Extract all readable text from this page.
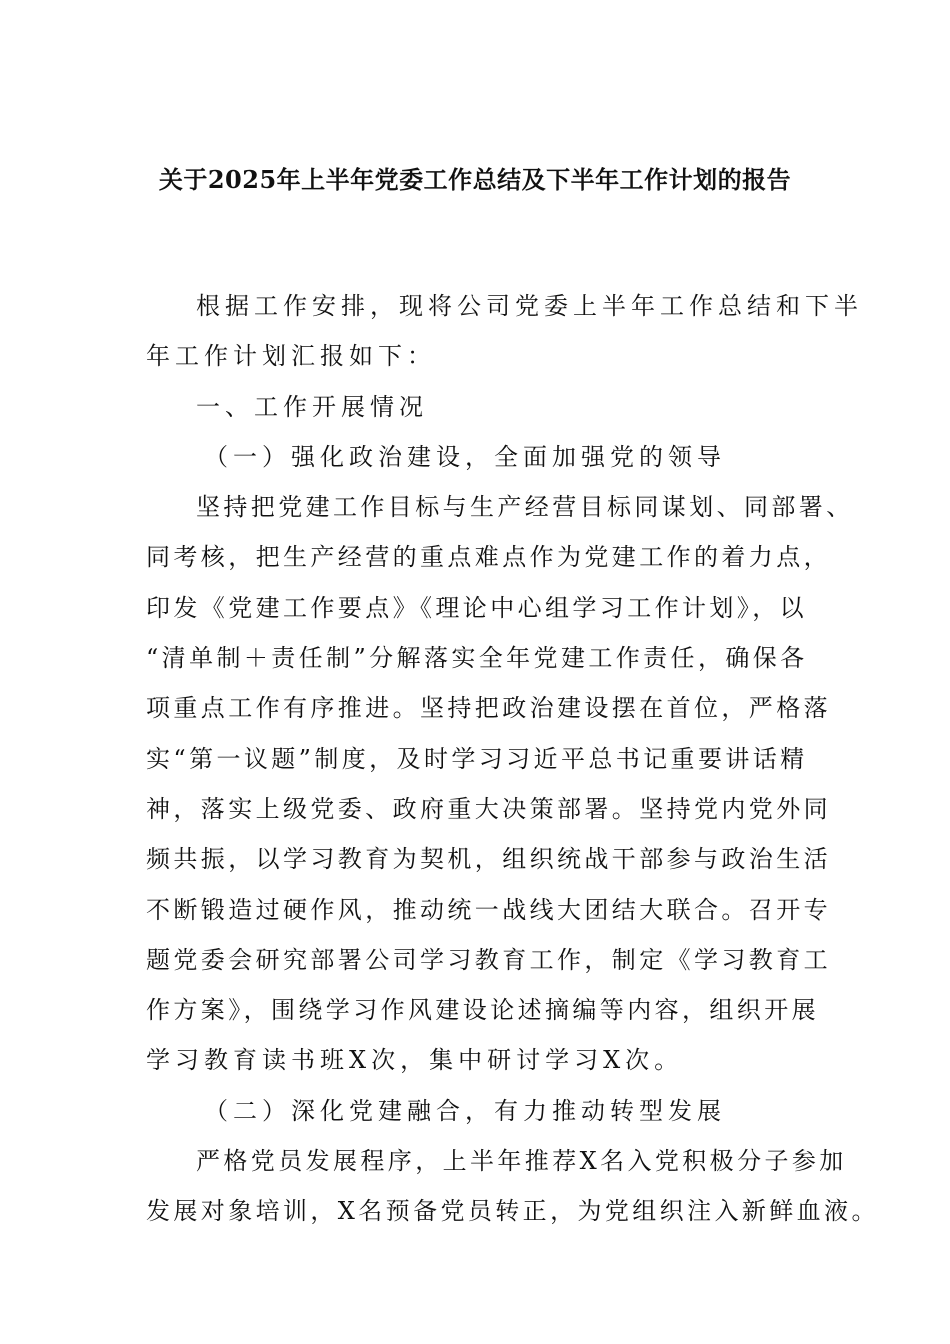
关于2025年上半年党委工作总结及下半年工作计划的报告
根据工作安排，现将公司党委上半年工作总结和下半
年工作计划汇报如下：
一、工作开展情况
（一）强化政治建设，全面加强党的领导
坚持把党建工作目标与生产经营目标同谋划、同部署、
同考核，把生产经营的重点难点作为党建工作的着力点，
印发《党建工作要点》《理论中心组学习工作计划》，以
“清单制＋责任制”分解落实全年党建工作责任，确保各
项重点工作有序推进。坚持把政治建设摆在首位，严格落
实“第一议题”制度，及时学习习近平总书记重要讲话精
神，落实上级党委、政府重大决策部署。坚持党内党外同
频共振，以学习教育为契机，组织统战干部参与政治生活
不断锻造过硬作风，推动统一战线大团结大联合。召开专
题党委会研究部署公司学习教育工作，制定《学习教育工
作方案》，围绕学习作风建设论述摘编等内容，组织开展
学习教育读书班X次，集中研讨学习X次。
（二）深化党建融合，有力推动转型发展
严格党员发展程序，上半年推荐X名入党积极分子参加
发展对象培训，X名预备党员转正，为党组织注入新鲜血液。
